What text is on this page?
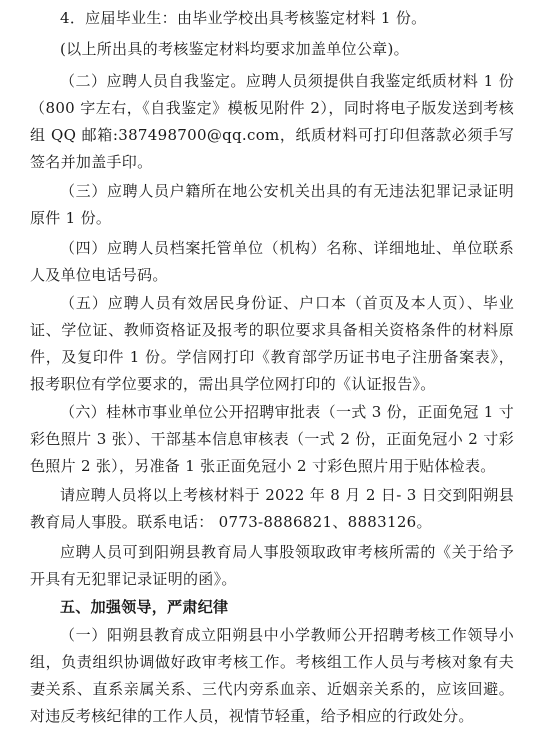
4．应届毕业生：由毕业学校出具考核鉴定材料 1 份。

(以上所出具的考核鉴定材料均要求加盖单位公章)。

（二）应聘人员自我鉴定。应聘人员须提供自我鉴定纸质材料 1 份（800 字左右，《自我鉴定》模板见附件 2），同时将电子版发送到考核组 QQ 邮箱:387498700@qq.com，纸质材料可打印但落款必须手写签名并加盖手印。

（三）应聘人员户籍所在地公安机关出具的有无违法犯罪记录证明原件 1 份。

（四）应聘人员档案托管单位（机构）名称、详细地址、单位联系人及单位电话号码。

（五）应聘人员有效居民身份证、户口本（首页及本人页）、毕业证、学位证、教师资格证及报考的职位要求具备相关资格条件的材料原件，及复印件 1 份。学信网打印《教育部学历证书电子注册备案表》，报考职位有学位要求的，需出具学位网打印的《认证报告》。

（六）桂林市事业单位公开招聘审批表（一式 3 份，正面免冠 1 寸彩色照片 3 张）、干部基本信息审核表（一式 2 份，正面免冠小 2 寸彩色照片 2 张），另准备 1 张正面免冠小 2 寸彩色照片用于贴体检表。

请应聘人员将以上考核材料于 2022 年 8 月 2 日- 3 日交到阳朔县教育局人事股。联系电话： 0773-8886821、8883126。

应聘人员可到阳朔县教育局人事股领取政审考核所需的《关于给予开具有无犯罪记录证明的函》。

五、加强领导，严肃纪律

（一）阳朔县教育成立阳朔县中小学教师公开招聘考核工作领导小组，负责组织协调做好政审考核工作。考核组工作人员与考核对象有夫妻关系、直系亲属关系、三代内旁系血亲、近姻亲关系的，应该回避。对违反考核纪律的工作人员，视情节轻重，给予相应的行政处分。
